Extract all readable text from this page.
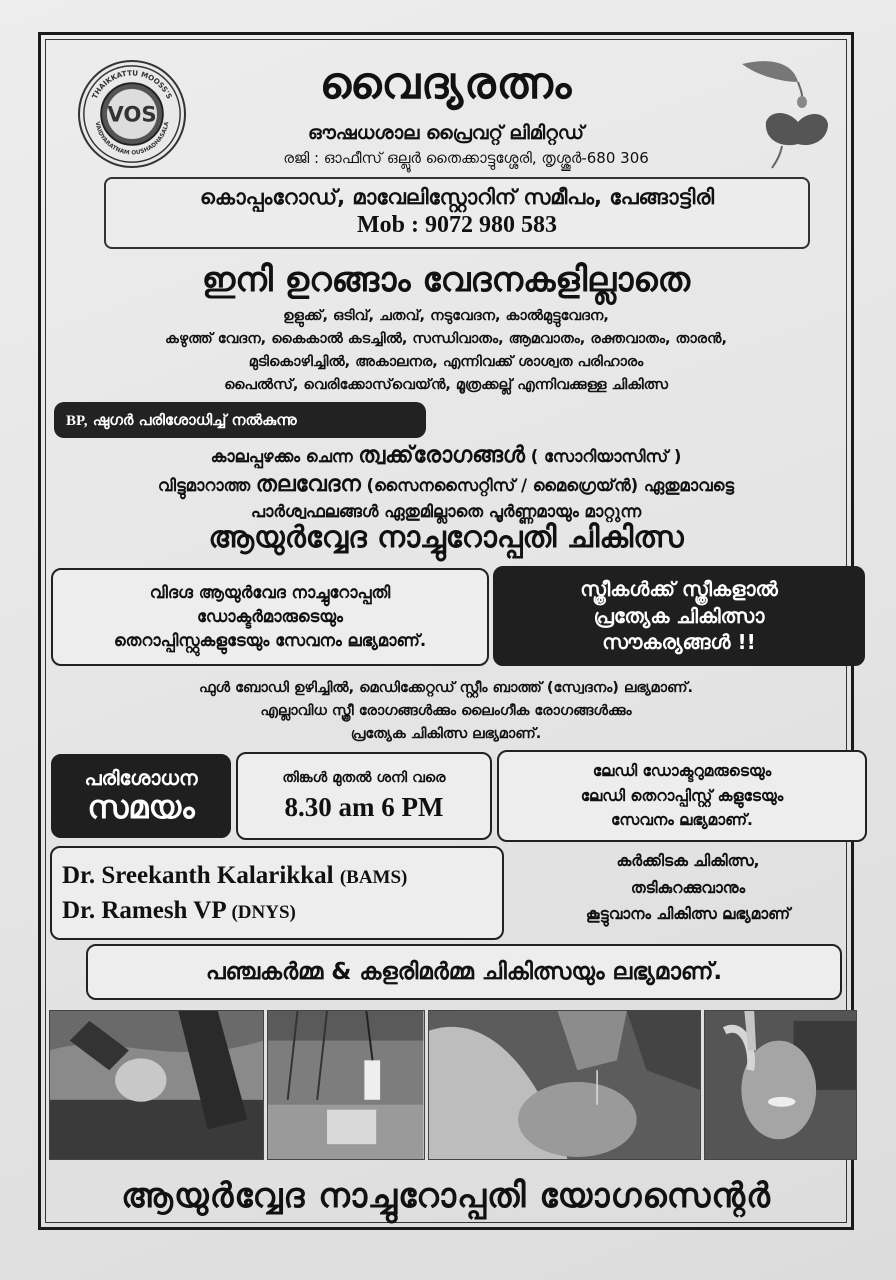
THAIKKATTU MOOSS'S
VAIDYARATNAM OUSHADHASALA
VOS
വൈദ്യരത്നം
ഔഷധശാല പ്രൈവറ്റ് ലിമിറ്റഡ്
രജി : ഓഫീസ് ഒല്ലൂർ തൈക്കാട്ടുശ്ശേരി, തൃശ്ശൂർ-680 306
കൊപ്പംറോഡ്, മാവേലിസ്റ്റോറിന് സമീപം, പേങ്ങാട്ടിരി
Mob : 9072 980 583
ഇനി ഉറങ്ങാം വേദനകളില്ലാതെ
ഉളുക്ക്, ഒടിവ്, ചതവ്, നടുവേദന, കാൽമുട്ടുവേദന,
കഴുത്ത് വേദന, കൈകാൽ കടച്ചിൽ, സന്ധിവാതം, ആമവാതം, രക്തവാതം, താരൻ,
മുടികൊഴിച്ചിൽ, അകാലനര, എന്നിവക്ക് ശാശ്വത പരിഹാരം
പൈൽസ്, വെരിക്കോസ്‌വെയ്ൻ, മൂത്രക്കല്ല് എന്നിവക്കുള്ള ചികിത്സ
BP, ഷുഗർ പരിശോധിച്ച് നൽകുന്നു
കാലപ്പഴക്കം ചെന്ന ത്വക്ക്‌രോഗങ്ങൾ ( സോറിയാസിസ് )
വിട്ടുമാറാത്ത തലവേദന (സൈനസൈറ്റിസ് / മൈഗ്രെയ്ൻ) ഏതുമാവട്ടെ
പാർശ്വഫലങ്ങൾ ഏതുമില്ലാതെ പൂർണ്ണമായും മാറ്റുന്ന
ആയുർവ്വേദ നാച്ചുറോപ്പതി ചികിത്സ
വിദഗ്ദ ആയുർവേദ നാച്ചുറോപ്പതി
ഡോക്ടർമാരുടെയും
തെറാപ്പിസ്റ്റുകളുടേയും സേവനം ലഭ്യമാണ്.
സ്ത്രീകൾക്ക് സ്ത്രീകളാൽ
പ്രത്യേക ചികിത്സാ
സൗകര്യങ്ങൾ !!
ഫുൾ ബോഡി ഉഴിച്ചിൽ, മെഡിക്കേറ്റഡ് സ്റ്റീം ബാത്ത് (സ്വേദനം) ലഭ്യമാണ്.
എല്ലാവിധ സ്ത്രീ രോഗങ്ങൾക്കും ലൈംഗീക രോഗങ്ങൾക്കും
പ്രത്യേക ചികിത്സ ലഭ്യമാണ്.
പരിശോധന
സമയം
തിങ്കൾ മുതൽ ശനി വരെ
8.30 am 6 PM
ലേഡി ഡോക്ടറുമരുടെയും
ലേഡി തെറാപ്പിസ്റ്റ് കളുടേയും
സേവനം ലഭ്യമാണ്.
Dr. Sreekanth Kalarikkal (BAMS)
Dr. Ramesh VP (DNYS)
കർക്കിടക ചികിത്സ,
തടികുറക്കുവാനും
കൂട്ടുവാനം ചികിത്സ ലഭ്യമാണ്
പഞ്ചകർമ്മ & കളരിമർമ്മ ചികിത്സയും ലഭ്യമാണ്.
ആയുർവ്വേദ നാച്ചുറോപ്പതി യോഗസെന്റർ
